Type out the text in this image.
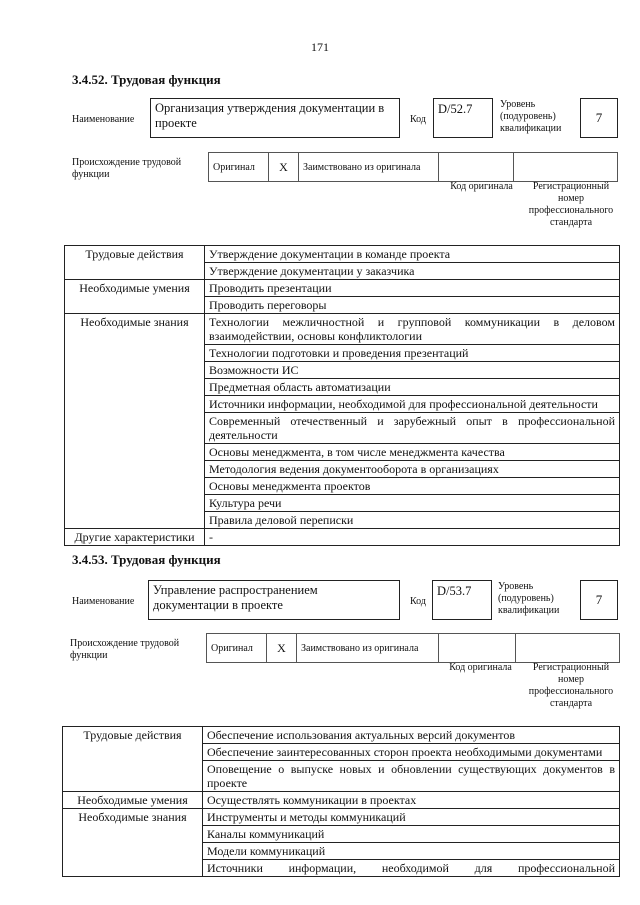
171
3.4.52. Трудовая функция
Наименование
Организация утверждения документации в проекте	Код
D/52.7	Уровень (подуровень) квалификации
7
Происхождение трудовой функции
Оригинал	X	Заимствовано из оригинала
Код оригинала	Регистрационный номер профессионального стандарта
Трудовые действия	Утверждение документации в команде проекта
	Утверждение документации у заказчика
Необходимые умения	Проводить презентации
	Проводить переговоры
Необходимые знания	Технологии межличностной и групповой коммуникации в деловом взаимодействии, основы конфликтологии
	Технологии подготовки и проведения презентаций
	Возможности ИС
	Предметная область автоматизации
	Источники информации, необходимой для профессиональной деятельности
	Современный отечественный и зарубежный опыт в профессиональной деятельности
	Основы менеджмента, в том числе менеджмента качества
	Методология ведения документооборота в организациях
	Основы менеджмента проектов
	Культура речи
	Правила деловой переписки
Другие характеристики	-
3.4.53. Трудовая функция
Наименование
Управление распространением документации в проекте	Код
D/53.7	Уровень (подуровень) квалификации
7
Происхождение трудовой функции
Оригинал	X	Заимствовано из оригинала
Код оригинала	Регистрационный номер профессионального стандарта
Трудовые действия	Обеспечение использования актуальных версий документов
	Обеспечение заинтересованных сторон проекта необходимыми документами
	Оповещение о выпуске новых и обновлении существующих документов в проекте
Необходимые умения	Осуществлять коммуникации в проектах
Необходимые знания	Инструменты и методы коммуникаций
	Каналы коммуникаций
	Модели коммуникаций
	Источники информации, необходимой для профессиональной
